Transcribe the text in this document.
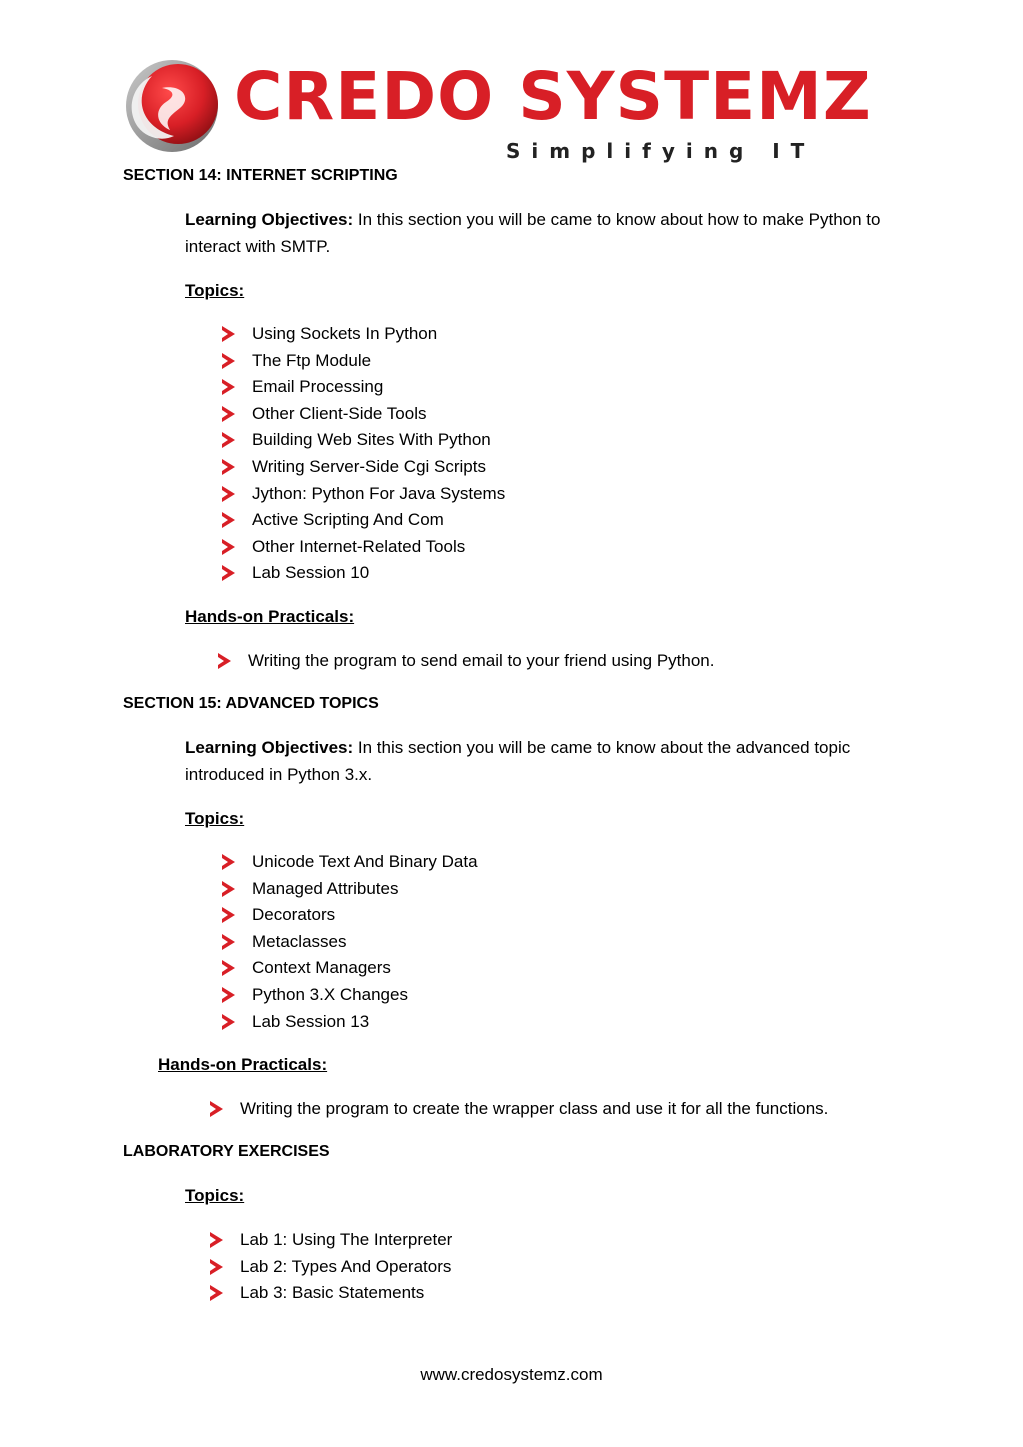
CREDO SYSTEMZ
Simplifying IT
SECTION 14: INTERNET SCRIPTING
Learning Objectives: In this section you will be came to know about how to make Python to interact with SMTP.
Topics:
Using Sockets In Python
The Ftp Module
Email Processing
Other Client-Side Tools
Building Web Sites With Python
Writing Server-Side Cgi Scripts
Jython: Python For Java Systems
Active Scripting And Com
Other Internet-Related Tools
Lab Session 10
Hands-on Practicals:
Writing the program to send email to your friend using Python.
SECTION 15: ADVANCED TOPICS
Learning Objectives: In this section you will be came to know about the advanced topic introduced in Python 3.x.
Topics:
Unicode Text And Binary Data
Managed Attributes
Decorators
Metaclasses
Context Managers
Python 3.X Changes
Lab Session 13
Hands-on Practicals:
Writing the program to create the wrapper class and use it for all the functions.
LABORATORY EXERCISES
Topics:
Lab 1: Using The Interpreter
Lab 2: Types And Operators
Lab 3: Basic Statements
www.credosystemz.com
